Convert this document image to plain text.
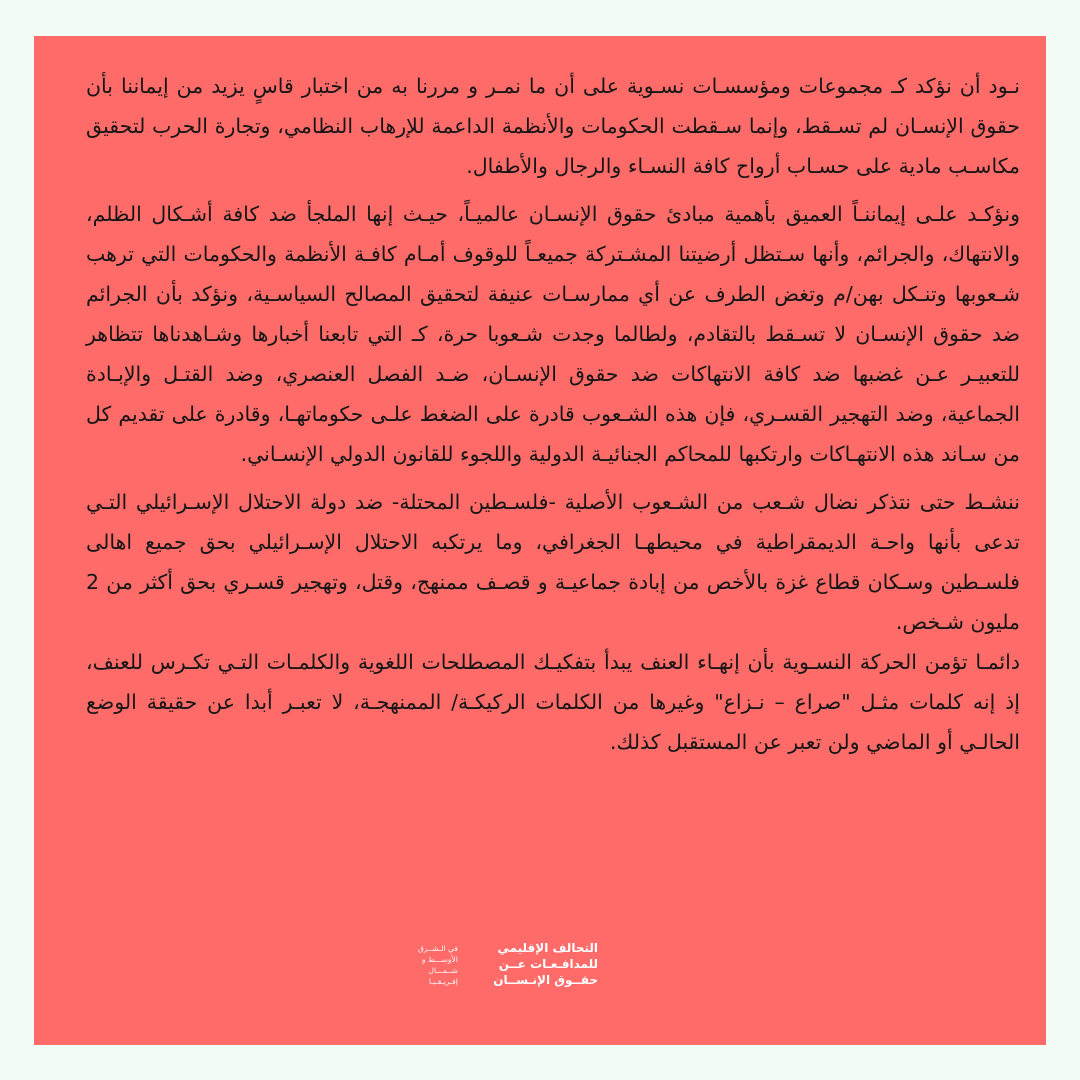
نـود أن نؤكد كـ مجموعات ومؤسسـات نسـوية على أن ما نمـر و مررنا به من اختبار قاسٍ يزيد من إيماننا بأن حقوق الإنسـان لم تسـقط، وإنما سـقطت الحكومات والأنظمة الداعمة للإرهاب النظامي، وتجارة الحرب لتحقيق مكاسـب مادية على حسـاب أرواح كافة النسـاء والرجال والأطفال.

ونؤكـد علـى إيماننـاً العميق بأهمية مبادئ حقوق الإنسـان عالميـاً، حيـث إنها الملجأ ضد كافة أشـكال الظلم، والانتهاك، والجرائم، وأنها سـتظل أرضيتنا المشـتركة جميعـاً للوقوف أمـام كافـة الأنظمة والحكومات التي ترهب شـعوبها وتنـكل بهن/م وتغض الطرف عن أي ممارسـات عنيفة لتحقيق المصالح السياسـية، ونؤكد بأن الجرائم ضد حقوق الإنسـان لا تسـقط بالتقادم، ولطالما وجدت شـعوبا حرة، كـ التي تابعنا أخبارها وشـاهدناها تتظاهر للتعبيـر عـن غضبها ضد كافة الانتهاكات ضد حقوق الإنسـان، ضـد الفصل العنصري، وضد القتـل والإبـادة الجماعية، وضد التهجير القسـري، فإن هذه الشـعوب قادرة على الضغط علـى حكوماتهـا، وقادرة على تقديم كل من سـاند هذه الانتهـاكات وارتكبها للمحاكم الجنائيـة الدولية واللجوء للقانون الدولي الإنسـاني.

ننشـط حتى نتذكر نضال شـعب من الشـعوب الأصلية -فلسـطين المحتلة- ضد دولة الاحتلال الإسـرائيلي التـي تدعى بأنها واحـة الديمقراطية في محيطهـا الجغرافي، وما يرتكبه الاحتلال الإسـرائيلي بحق جميع اهالى فلسـطين وسـكان قطاع غزة بالأخص من إبادة جماعيـة و قصـف ممنهج، وقتل، وتهجير قسـري بحق أكثر من 2 مليون شـخص.

دائمـا تؤمن الحركة النسـوية بأن إنهـاء العنف يبدأ بتفكيـك المصطلحات اللغوية والكلمـات التـي تكـرس للعنف، إذ إنه كلمات مثـل "صراع – نـزاع" وغيرها من الكلمات الركيكـة/ الممنهجـة، لا تعبـر أبدا عن حقيقة الوضع الحالـي أو الماضي ولن تعبر عن المستقبل كذلك.

التحالف الإقليمي
للمدافـعـات عــن
حقــوق الإنـســان
في الـشــرق
الأوســـط و
شــمـــال
إفـريـقـيـا
